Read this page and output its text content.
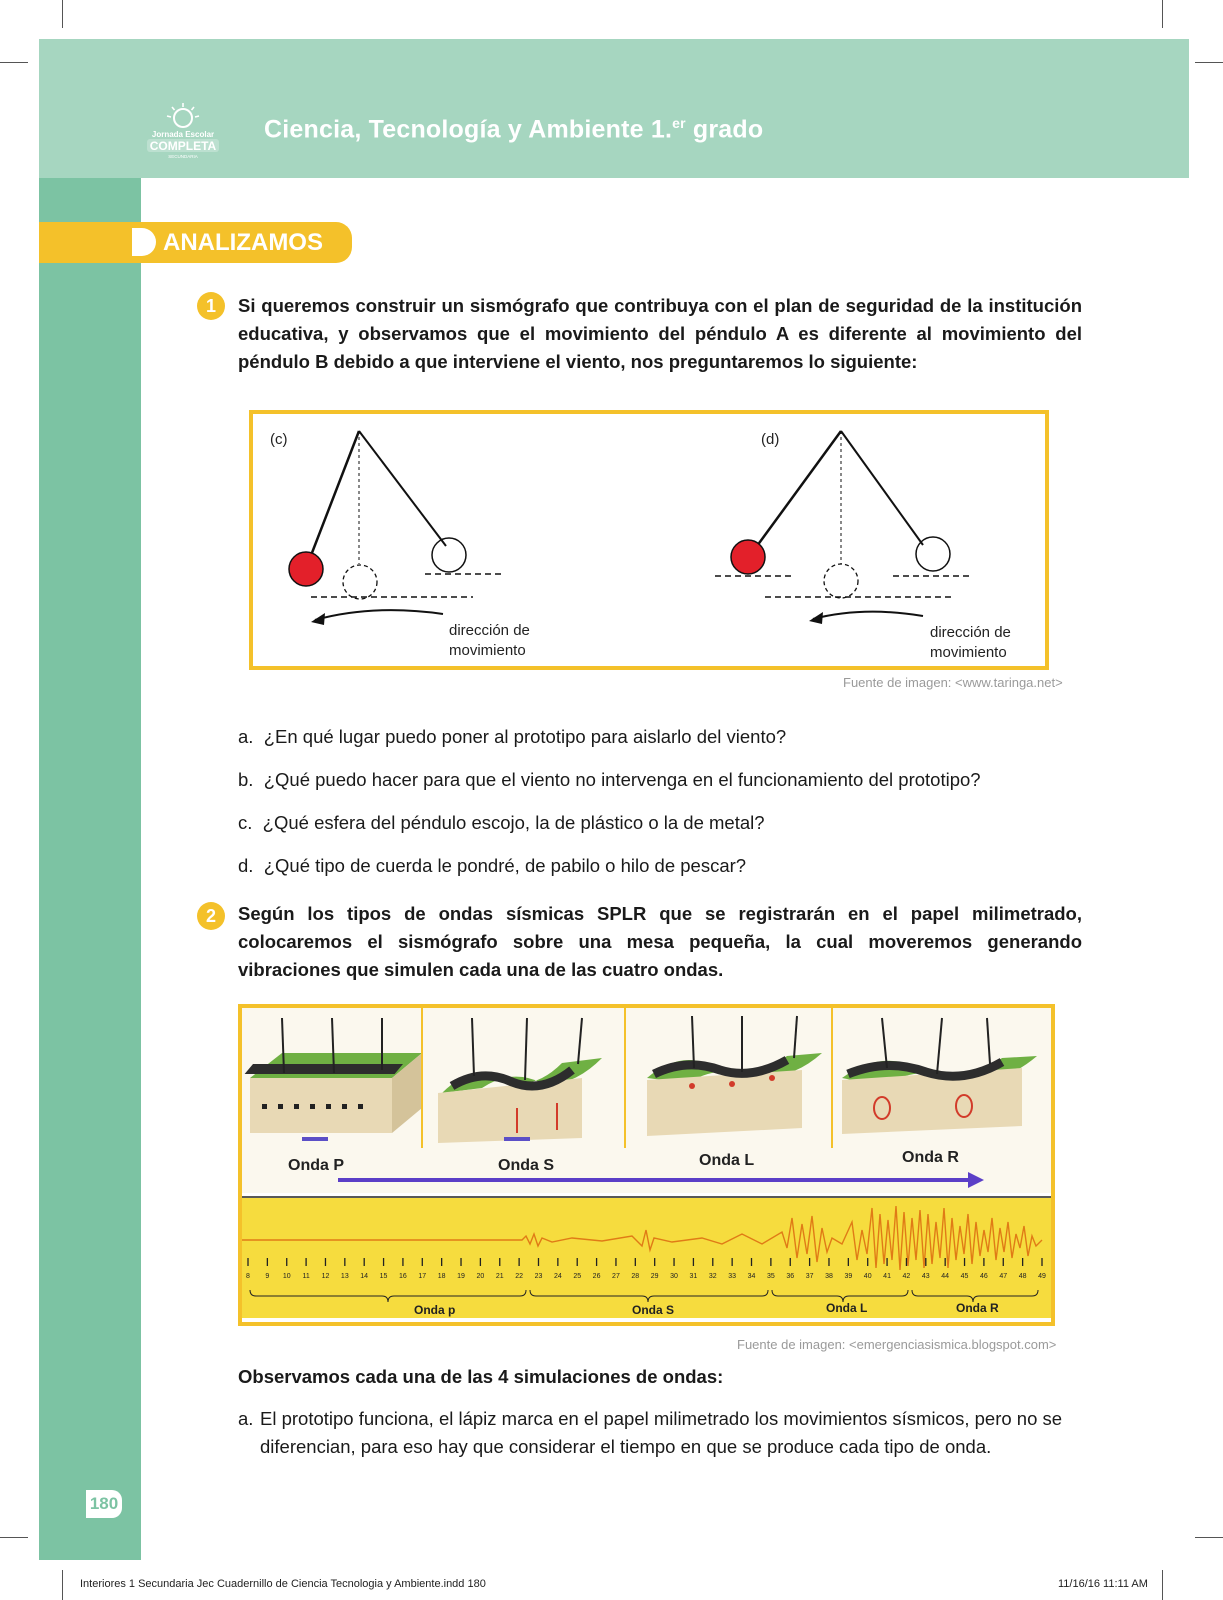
Jornada Escolar
COMPLETA
SECUNDARIA
Ciencia, Tecnología y Ambiente 1.$^{er}$ grado
180
ANALIZAMOS
1	Si queremos construir un sismógrafo que contribuya con el plan de seguridad de la institución educativa, y observamos que el movimiento del péndulo A es diferente al movimiento del péndulo B debido a que interviene el viento, nos preguntaremos lo siguiente:
(c)	(d)
dirección de
movimiento
dirección de
movimiento
Fuente de imagen: <www.taringa.net>
a. ¿En qué lugar puedo poner al prototipo para aislarlo del viento?
b. ¿Qué puedo hacer para que el viento no intervenga en el funcionamiento del prototipo?
c. ¿Qué esfera del péndulo escojo, la de plástico o la de metal?
d. ¿Qué tipo de cuerda le pondré, de pabilo o hilo de pescar?
2	Según los tipos de ondas sísmicas SPLR que se registrarán en el papel milimetrado, colocaremos el sismógrafo sobre una mesa pequeña, la cual moveremos generando vibraciones que simulen cada una de las cuatro ondas.
Onda P	Onda S	Onda L	Onda R
8 9 10 11 12 13 14 15 16 17 18 19 20 21 22 23 24 25 26 27 28 29 30 31 32 33 34 35 36 37 38 39 40 41 42 43 44 45 46 47 48 49
Onda p	Onda S	Onda L	Onda R
Fuente de imagen: <emergenciasismica.blogspot.com>
Observamos cada una de las 4 simulaciones de ondas:
a. El prototipo funciona, el lápiz marca en el papel milimetrado los movimientos sísmicos, pero no se diferencian, para eso hay que considerar el tiempo en que se produce cada tipo de onda.
Interiores 1 Secundaria Jec Cuadernillo de Ciencia Tecnologia y Ambiente.indd 180	11/16/16 11:11 AM
